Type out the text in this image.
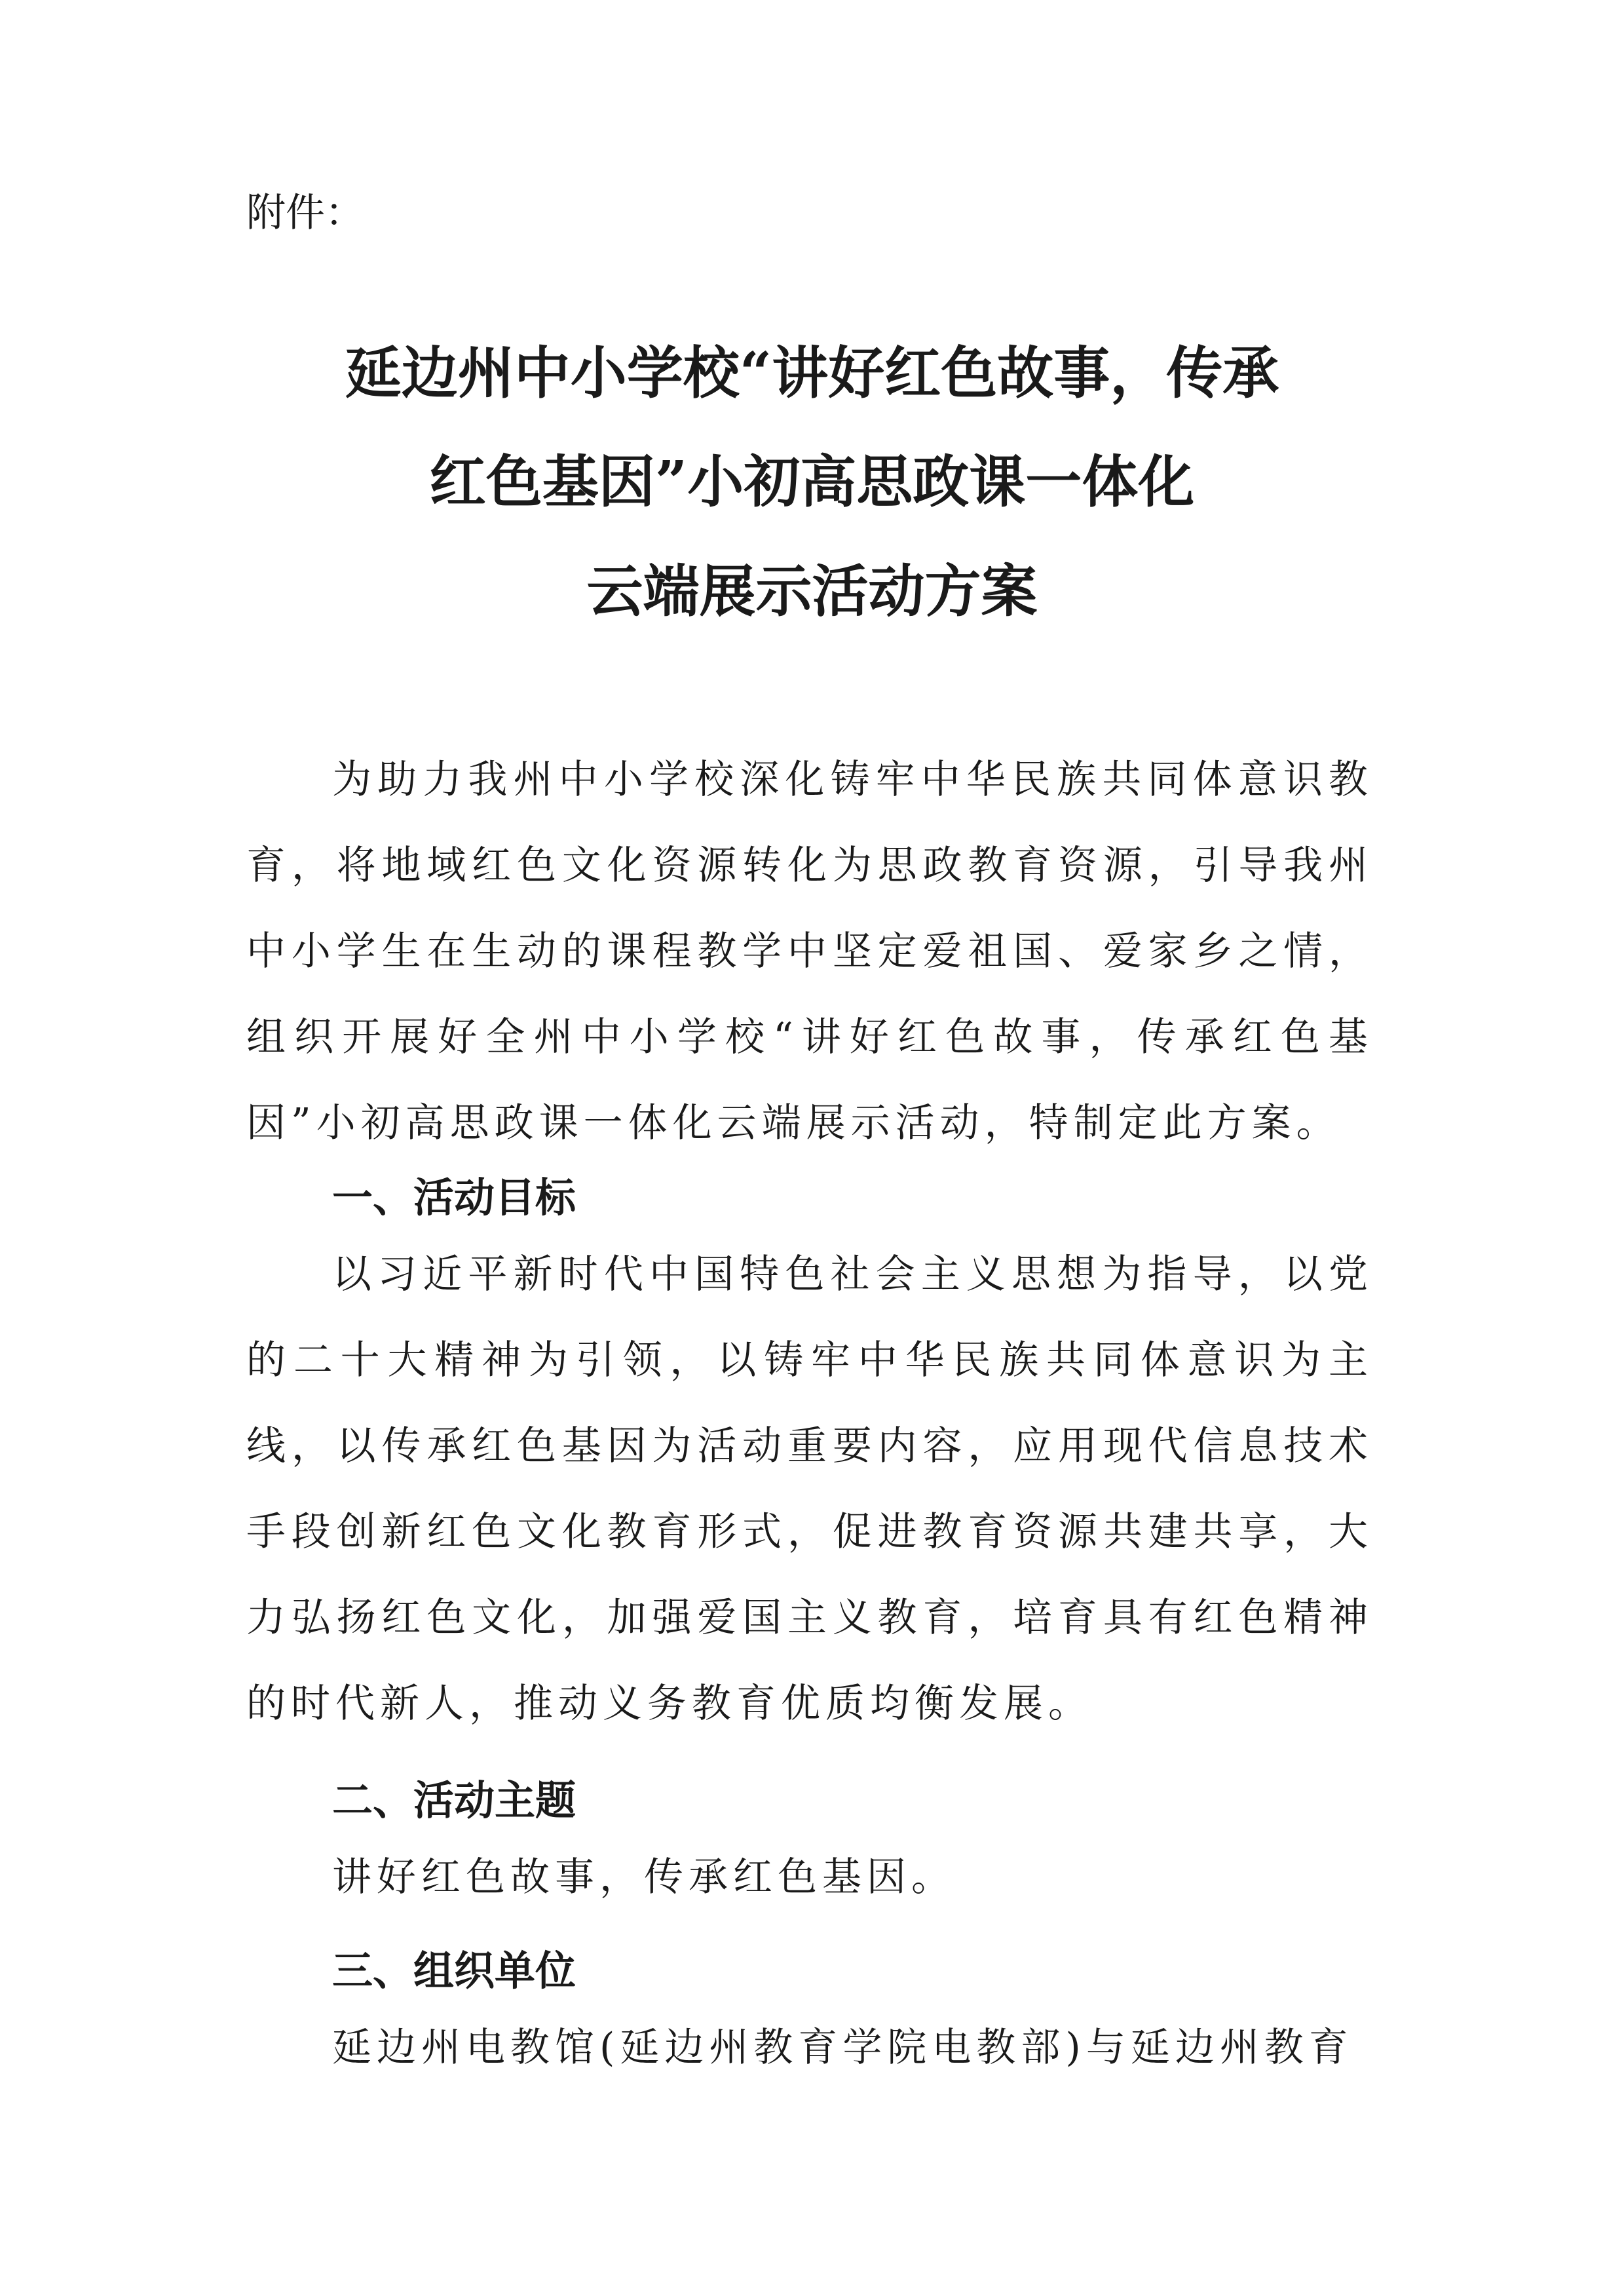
附件：

延边州中小学校“讲好红色故事，传承
红色基因”小初高思政课一体化
云端展示活动方案

为助力我州中小学校深化铸牢中华民族共同体意识教育，将地域红色文化资源转化为思政教育资源，引导我州中小学生在生动的课程教学中坚定爱祖国、爱家乡之情，组织开展好全州中小学校“讲好红色故事，传承红色基因”小初高思政课一体化云端展示活动，特制定此方案。

一、活动目标

以习近平新时代中国特色社会主义思想为指导，以党的二十大精神为引领，以铸牢中华民族共同体意识为主线，以传承红色基因为活动重要内容，应用现代信息技术手段创新红色文化教育形式，促进教育资源共建共享，大力弘扬红色文化，加强爱国主义教育，培育具有红色精神的时代新人，推动义务教育优质均衡发展。

二、活动主题

讲好红色故事，传承红色基因。

三、组织单位

延边州电教馆(延边州教育学院电教部)与延边州教育
